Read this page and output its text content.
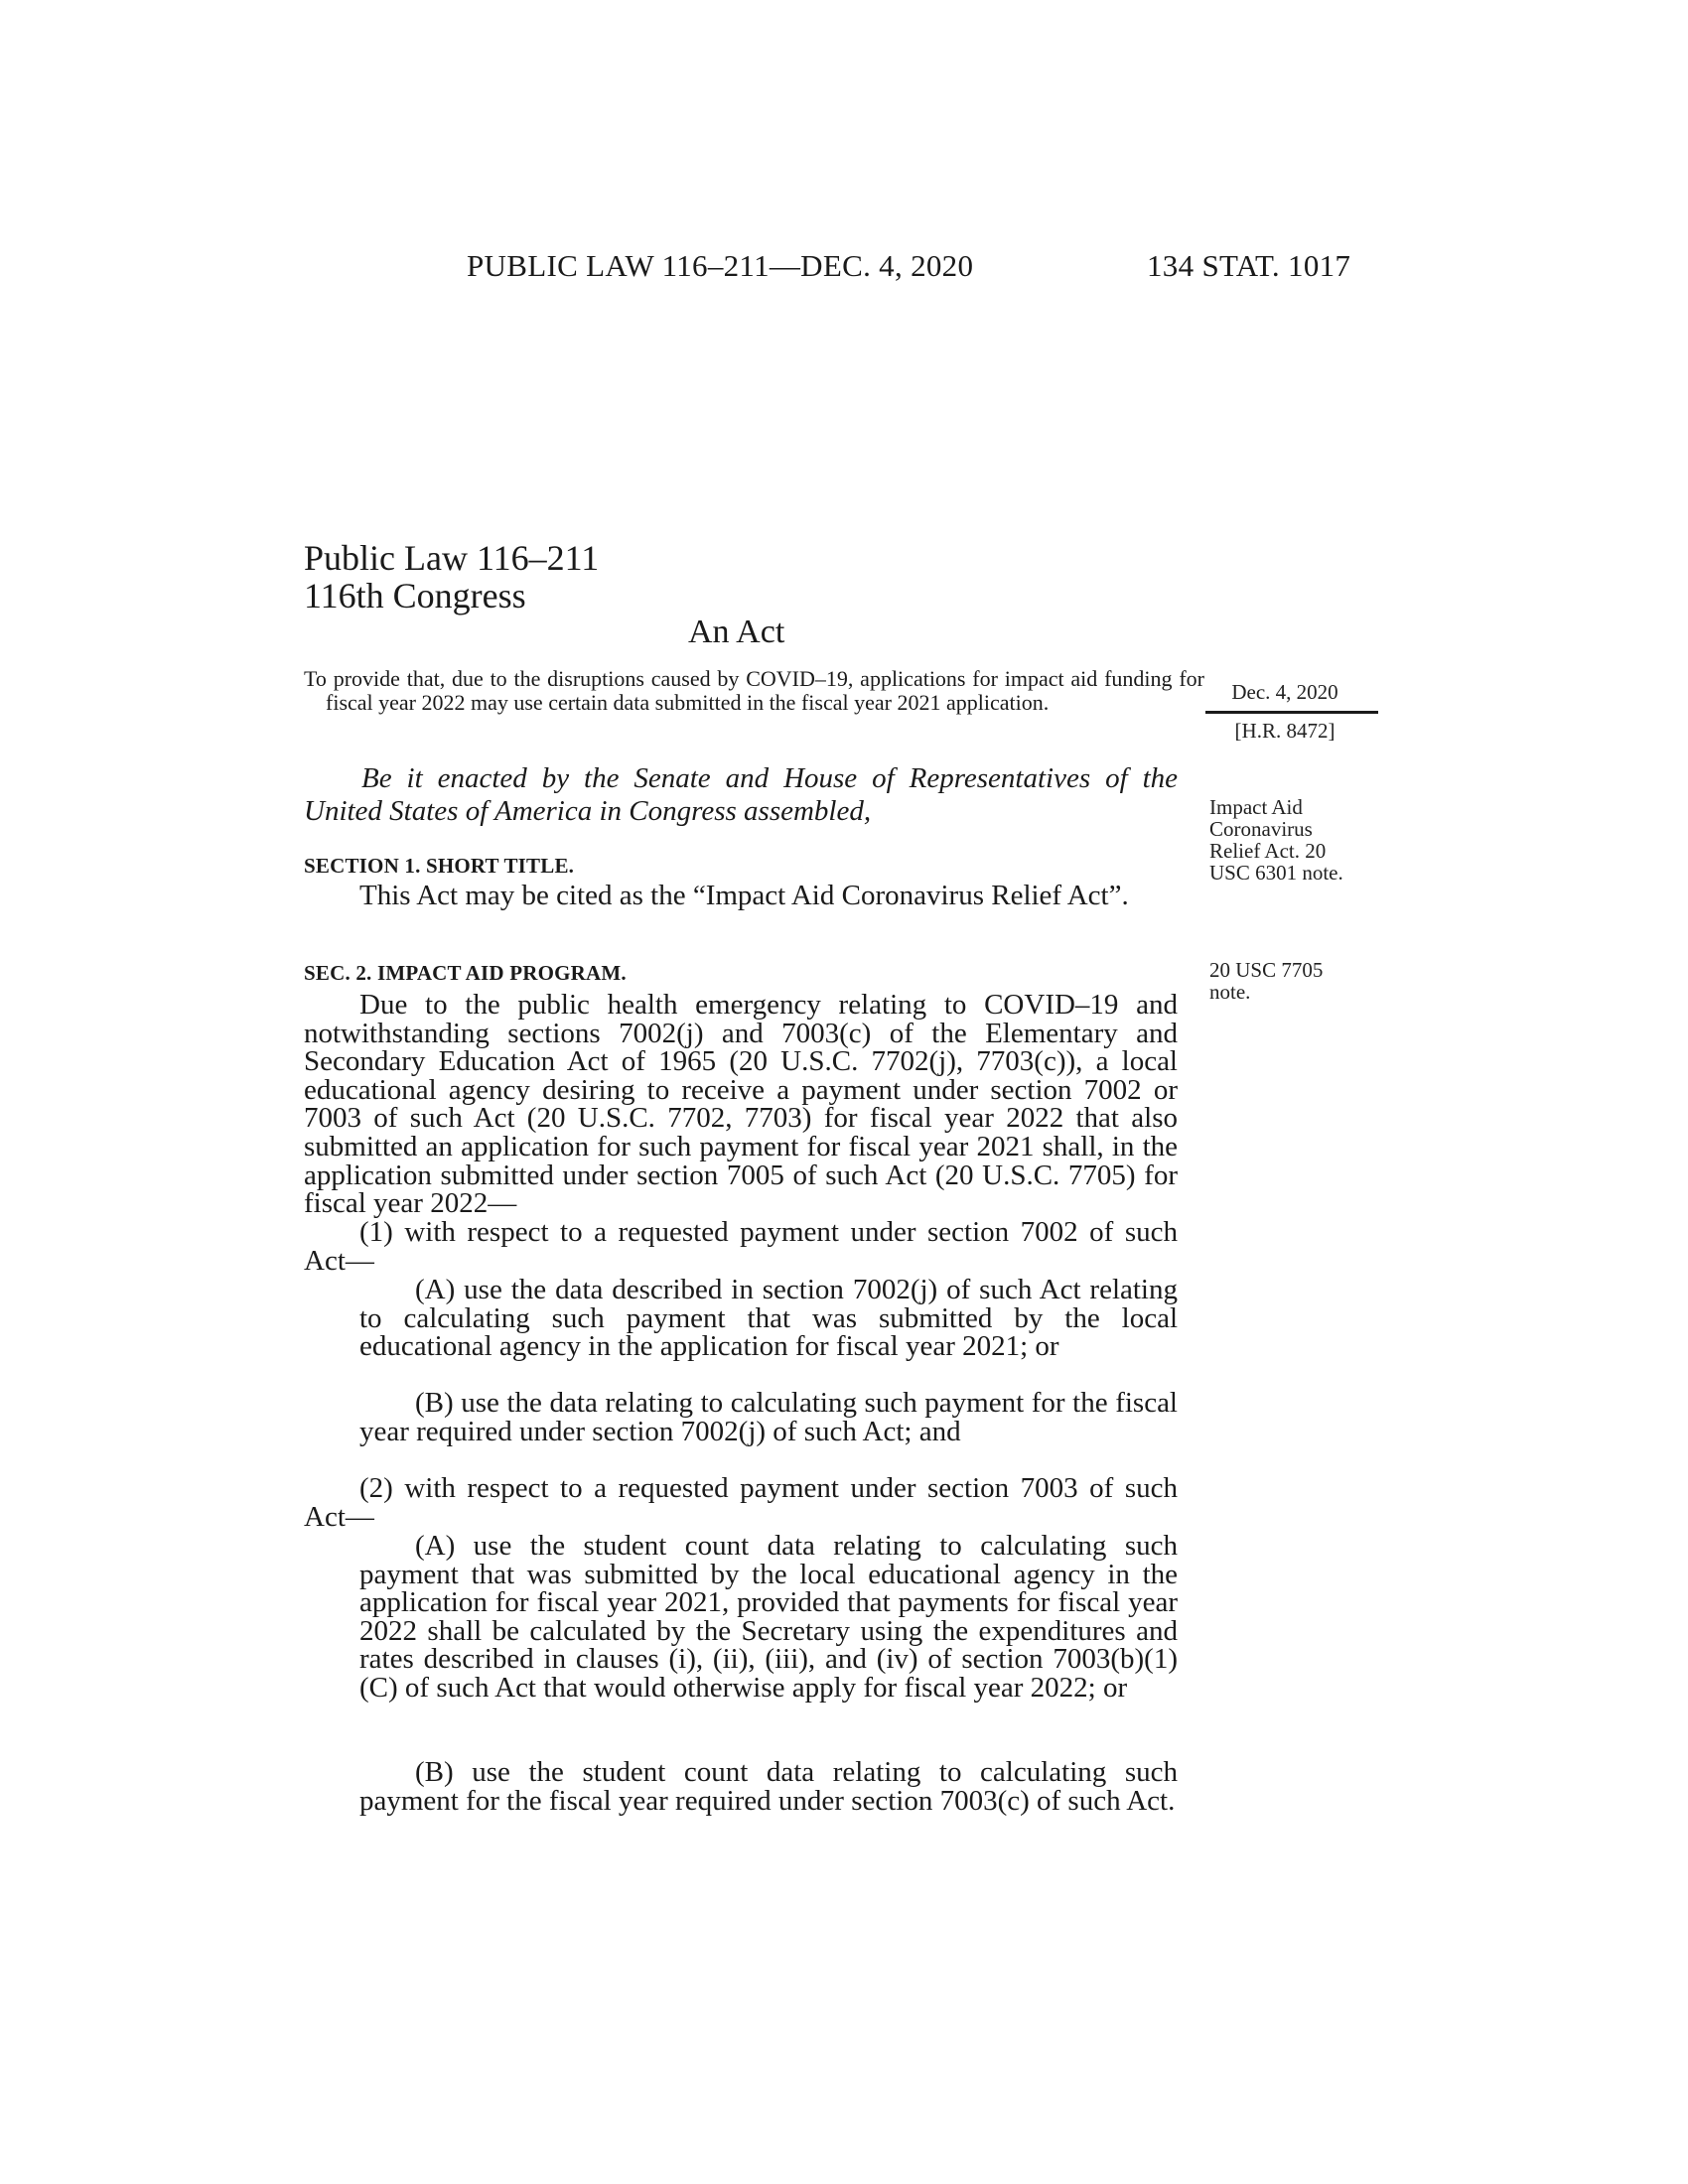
PUBLIC LAW 116–211—DEC. 4, 2020	134 STAT. 1017
Public Law 116–211
116th Congress
An Act
To provide that, due to the disruptions caused by COVID–19, applications for impact aid funding for fiscal year 2022 may use certain data submitted in the fiscal year 2021 application.	Dec. 4, 2020
[H.R. 8472]
Impact Aid Coronavirus Relief Act. 20 USC 6301 note.
20 USC 7705 note.
Be it enacted by the Senate and House of Representatives of the United States of America in Congress assembled,
SECTION 1. SHORT TITLE.
This Act may be cited as the “Impact Aid Coronavirus Relief Act”.
SEC. 2. IMPACT AID PROGRAM.
Due to the public health emergency relating to COVID–19 and notwithstanding sections 7002(j) and 7003(c) of the Elementary and Secondary Education Act of 1965 (20 U.S.C. 7702(j), 7703(c)), a local educational agency desiring to receive a payment under section 7002 or 7003 of such Act (20 U.S.C. 7702, 7703) for fiscal year 2022 that also submitted an application for such payment for fiscal year 2021 shall, in the application submitted under section 7005 of such Act (20 U.S.C. 7705) for fiscal year 2022—
(1) with respect to a requested payment under section 7002 of such Act—
(A) use the data described in section 7002(j) of such Act relating to calculating such payment that was submitted by the local educational agency in the application for fiscal year 2021; or
(B) use the data relating to calculating such payment for the fiscal year required under section 7002(j) of such Act; and
(2) with respect to a requested payment under section 7003 of such Act—
(A) use the student count data relating to calculating such payment that was submitted by the local educational agency in the application for fiscal year 2021, provided that payments for fiscal year 2022 shall be calculated by the Secretary using the expenditures and rates described in clauses (i), (ii), (iii), and (iv) of section 7003(b)(1)(C) of such Act that would otherwise apply for fiscal year 2022; or
(B) use the student count data relating to calculating such payment for the fiscal year required under section 7003(c) of such Act.
